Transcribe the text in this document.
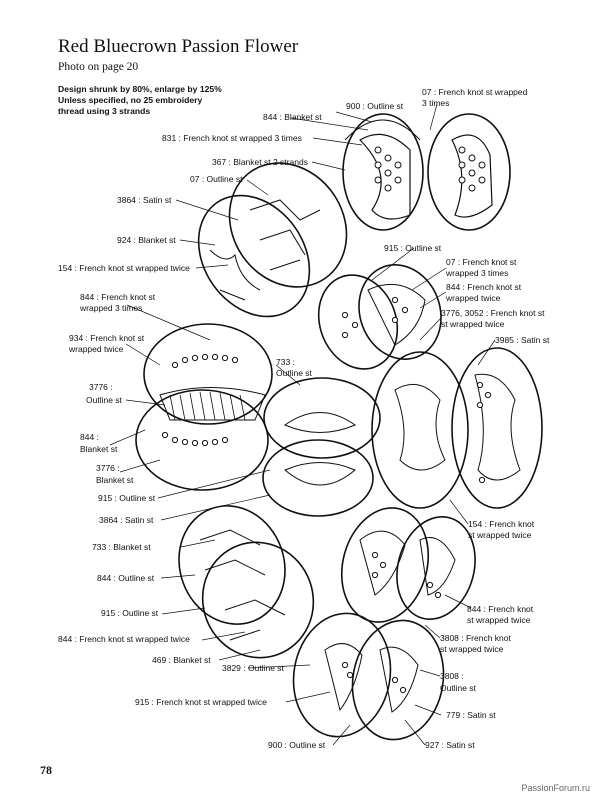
Red Bluecrown Passion Flower
Photo on page 20
Design shrunk by 80%, enlarge by 125%
Unless specified, no 25 embroidery
thread using 3 strands	900 : Outline st
07 : French knot st wrapped
3 times
844 : Blanket st
831 : French knot st wrapped 3 times
367 : Blanket st 2 strands
07 : Outline st
3864 : Satin st
924 : Blanket st
154 : French knot st wrapped twice
915 : Outline st
07 : French knot st
wrapped 3 times
844 : French knot st
wrapped twice
844 : French knot st
wrapped 3 times	3776, 3052 : French knot st
st wrapped twice
934 : French knot st
wrapped twice
3985 : Satin st
733 :
Outline st
3776 :
Outline st
844 :
Blanket st
3776 :
Blanket st
915 : Outline st
3864 : Satin st	154 : French knot
st wrapped twice
733 : Blanket st
844 : Outline st
915 : Outline st	844 : French knot
st wrapped twice
844 : French knot st wrapped twice	3808 : French knot
st wrapped twice
469 : Blanket st
3829 : Outline st
3808 :
Outline st
915 : French knot st wrapped twice
779 : Satin st
900 : Outline st	927 : Satin st
78
PassionForum.ru
